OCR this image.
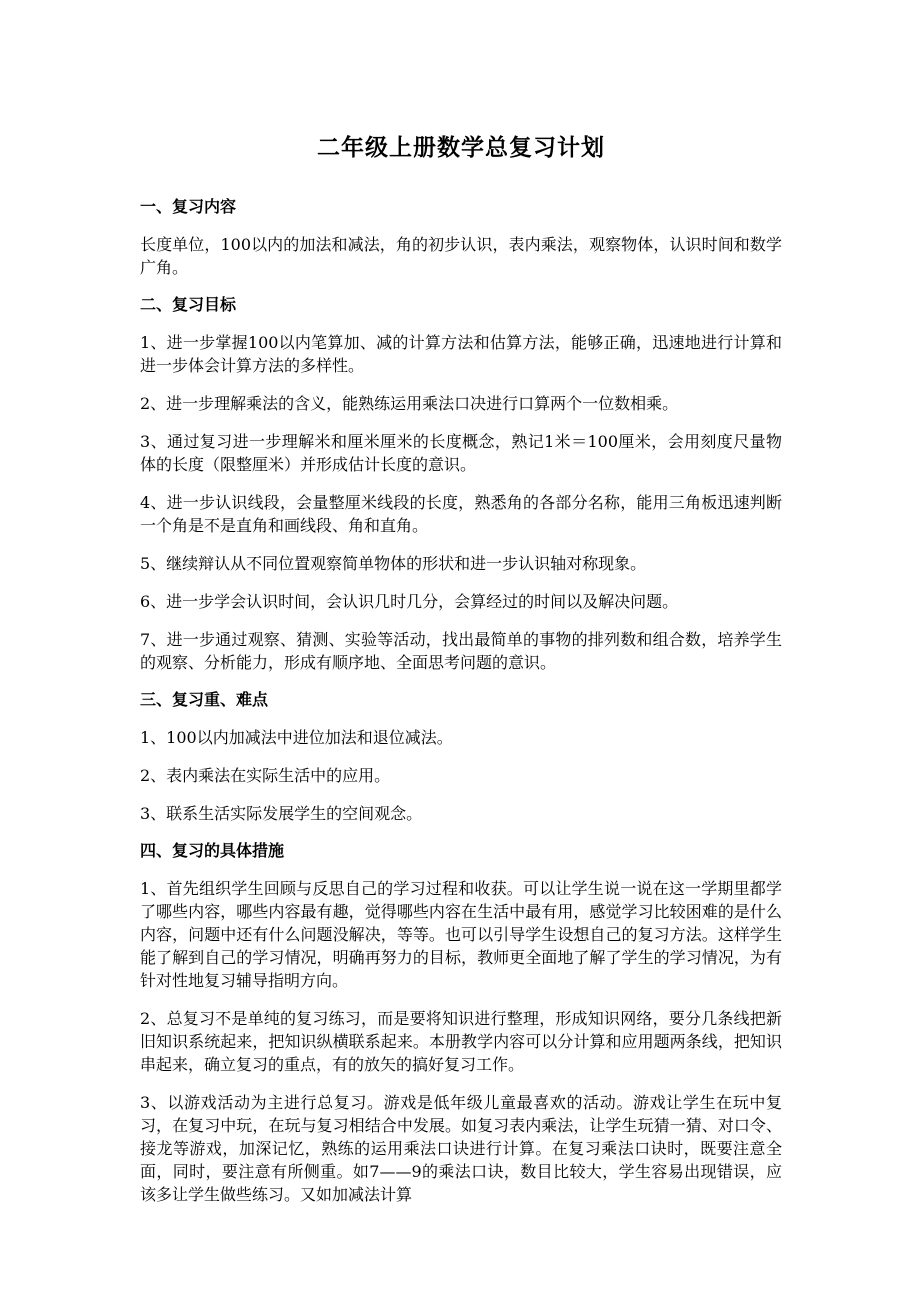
二年级上册数学总复习计划
一、复习内容

长度单位，100以内的加法和减法，角的初步认识，表内乘法，观察物体，认识时间和数学广角。

二、复习目标

1、进一步掌握100以内笔算加、减的计算方法和估算方法，能够正确，迅速地进行计算和进一步体会计算方法的多样性。

2、进一步理解乘法的含义，能熟练运用乘法口决进行口算两个一位数相乘。

3、通过复习进一步理解米和厘米厘米的长度概念，熟记1米＝100厘米，会用刻度尺量物体的长度（限整厘米）并形成估计长度的意识。

4、进一步认识线段，会量整厘米线段的长度，熟悉角的各部分名称，能用三角板迅速判断一个角是不是直角和画线段、角和直角。

5、继续辩认从不同位置观察简单物体的形状和进一步认识轴对称现象。

6、进一步学会认识时间，会认识几时几分，会算经过的时间以及解决问题。

7、进一步通过观察、猜测、实验等活动，找出最简单的事物的排列数和组合数，培养学生的观察、分析能力，形成有顺序地、全面思考问题的意识。

三、复习重、难点

1、100以内加减法中进位加法和退位减法。

2、表内乘法在实际生活中的应用。

3、联系生活实际发展学生的空间观念。

四、复习的具体措施

1、首先组织学生回顾与反思自己的学习过程和收获。可以让学生说一说在这一学期里都学了哪些内容，哪些内容最有趣，觉得哪些内容在生活中最有用，感觉学习比较困难的是什么内容，问题中还有什么问题没解决，等等。也可以引导学生设想自己的复习方法。这样学生能了解到自己的学习情况，明确再努力的目标，教师更全面地了解了学生的学习情况，为有针对性地复习辅导指明方向。

2、总复习不是单纯的复习练习，而是要将知识进行整理，形成知识网络，要分几条线把新旧知识系统起来，把知识纵横联系起来。本册教学内容可以分计算和应用题两条线，把知识串起来，确立复习的重点，有的放矢的搞好复习工作。

3、以游戏活动为主进行总复习。游戏是低年级儿童最喜欢的活动。游戏让学生在玩中复习，在复习中玩，在玩与复习相结合中发展。如复习表内乘法，让学生玩猜一猜、对口令、接龙等游戏，加深记忆，熟练的运用乘法口诀进行计算。在复习乘法口诀时，既要注意全面，同时，要注意有所侧重。如7——9的乘法口诀，数目比较大，学生容易出现错误，应该多让学生做些练习。又如加减法计算
